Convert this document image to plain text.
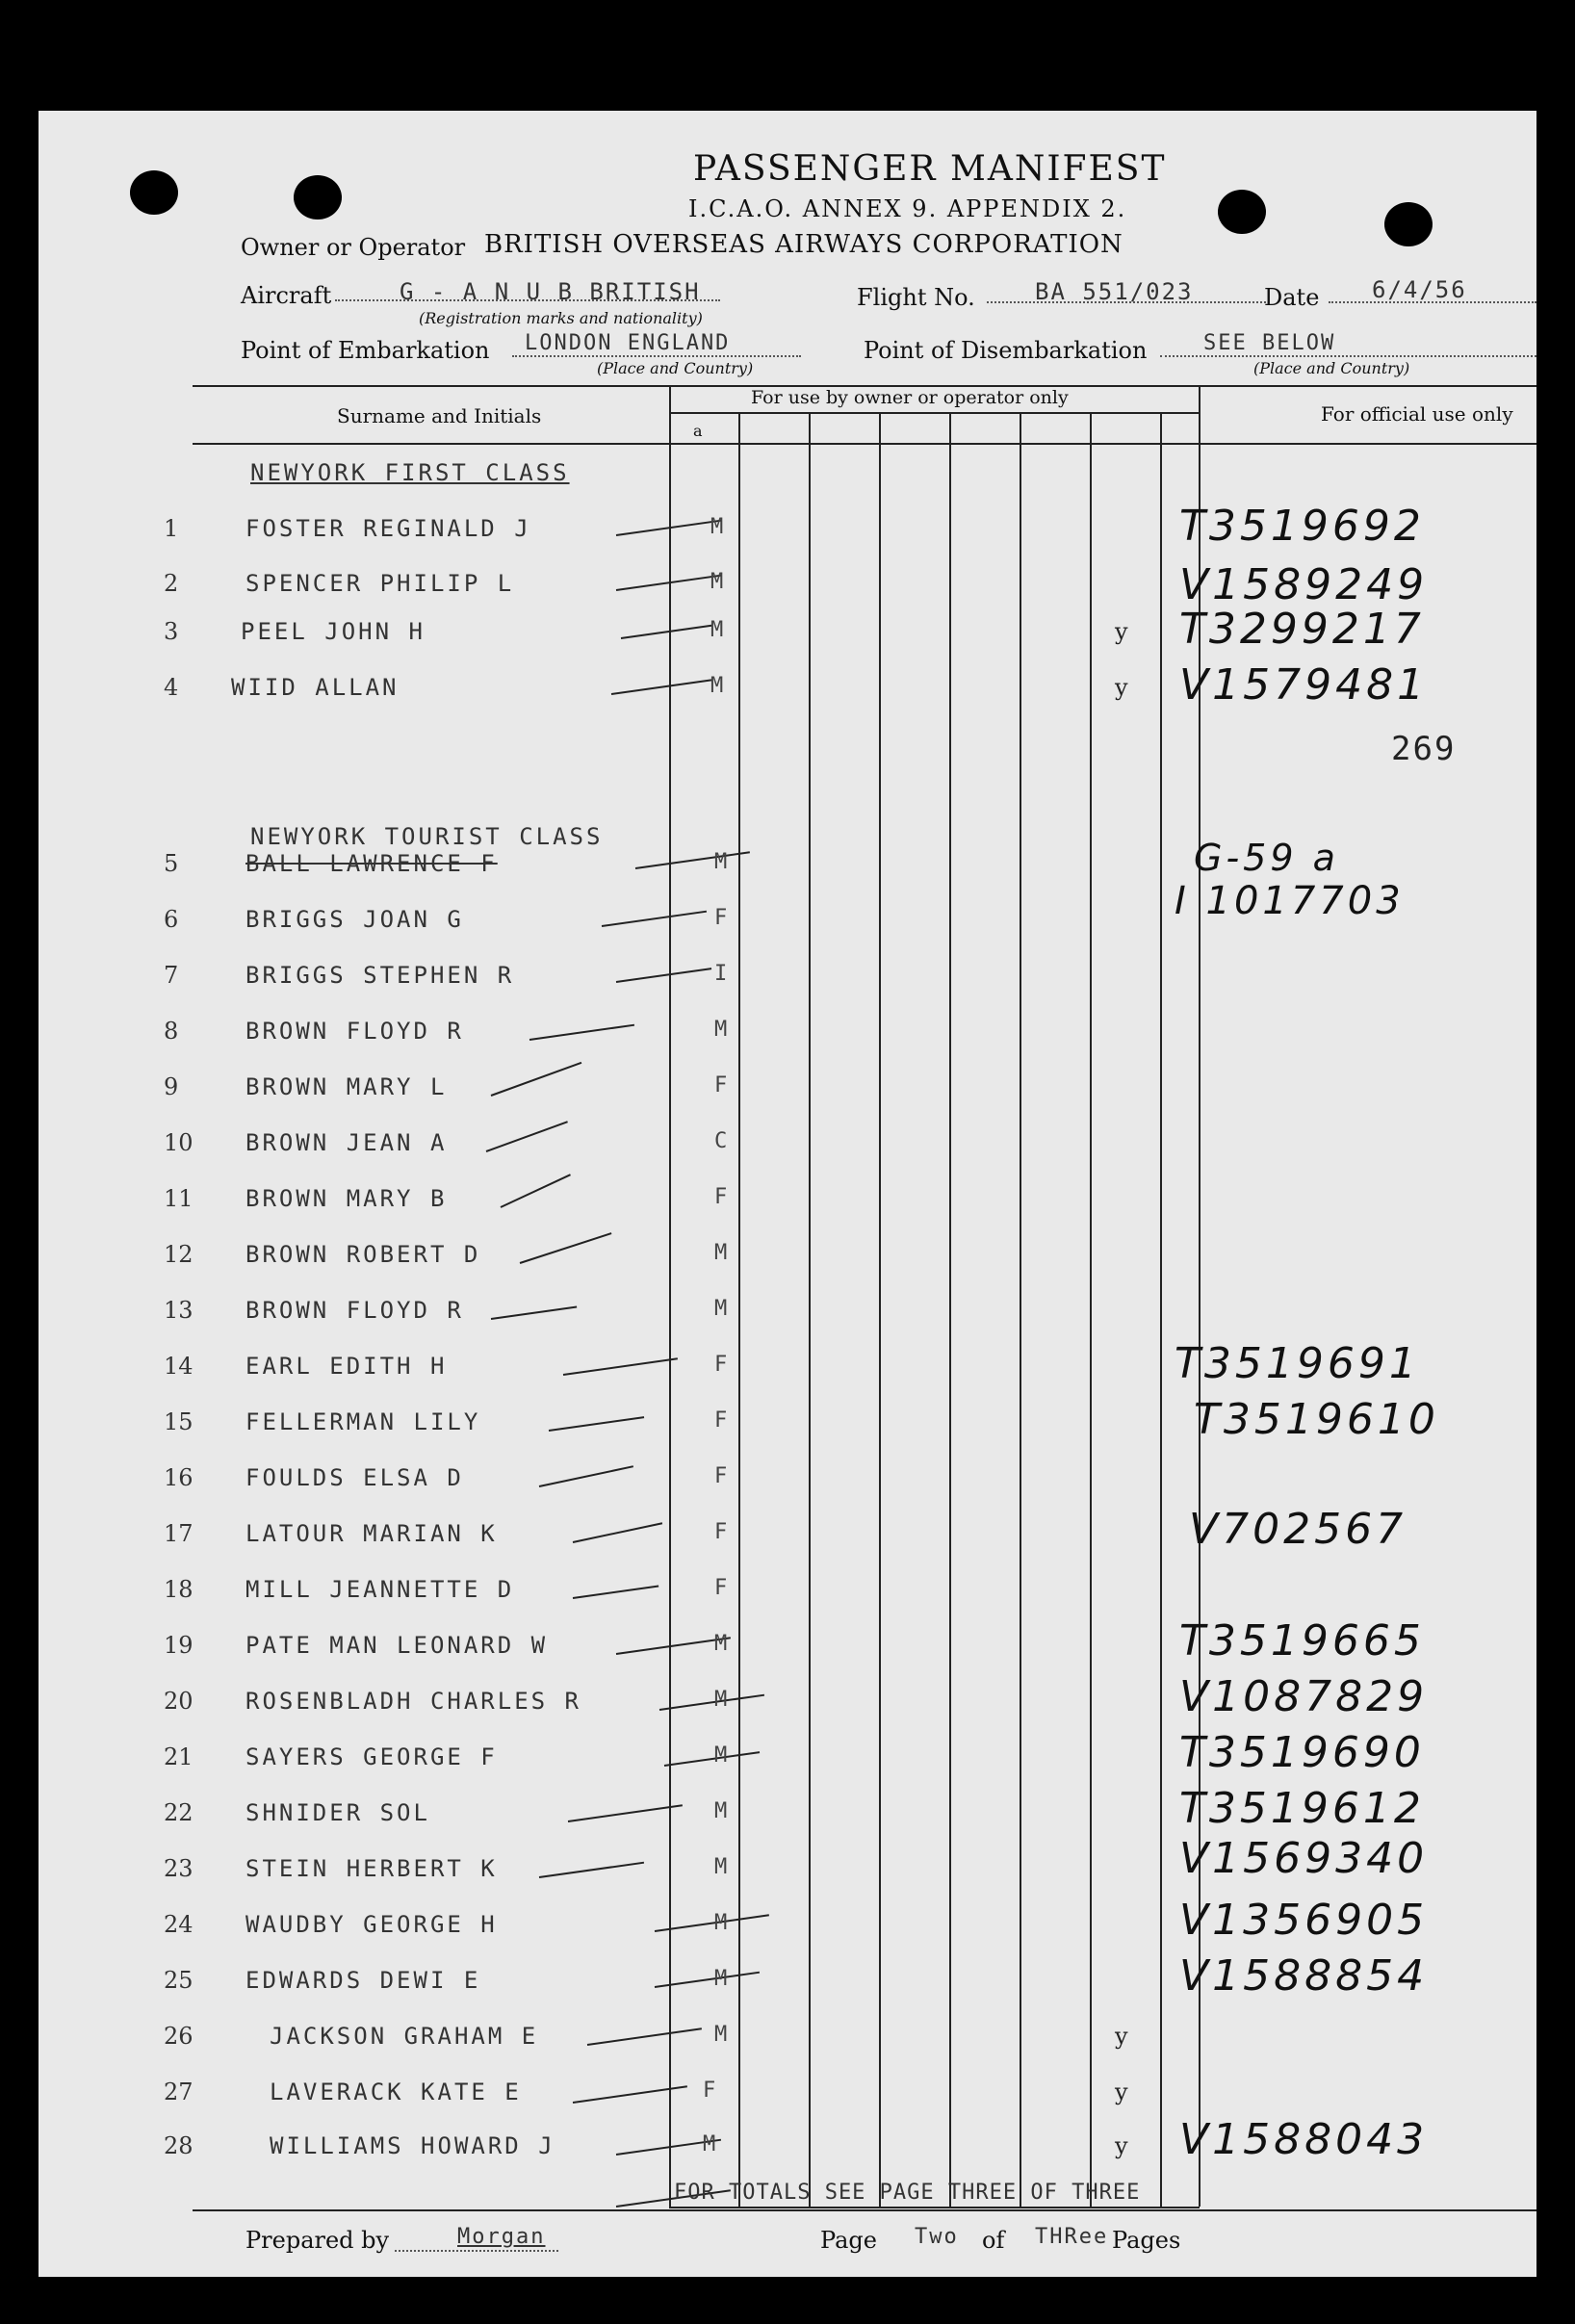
PASSENGER MANIFEST
I.C.A.O. ANNEX 9. APPENDIX 2.
Owner or Operator BRITISH OVERSEAS AIRWAYS CORPORATION
Aircraft	G - A N U B BRITISH
(Registration marks and nationality)
Flight No.	BA 551/023	Date 6/4/56
Point of Embarkation LONDON ENGLAND
(Place and Country)
Point of Disembarkation	SEE BELOW
(Place and Country)
Surname and Initials
For use by owner or operator only
a
For official use only
NEWYORK FIRST CLASS
1	FOSTER REGINALD J	M	T3519692
2	SPENCER PHILIP L	M	V1589249
3	PEEL JOHN H	M	y T3299217
4	WIID ALLAN	M	y V1579481
269
NEWYORK TOURIST CLASS
5	BALL LAWRENCE F	M	G-59 a
6	BRIGGS JOAN G	F	I 1017703
7	BRIGGS STEPHEN R	I
8	BROWN FLOYD R	M
9	BROWN MARY L	F
10	BROWN JEAN A	C
11	BROWN MARY B	F
12	BROWN ROBERT D	M
13	BROWN FLOYD R	M
14	EARL EDITH H	F	T3519691
15	FELLERMAN LILY	F	T3519610
16	FOULDS ELSA D	F
17	LATOUR MARIAN K	F	V702567
18	MILL JEANNETTE D	F
19	PATE MAN LEONARD W	M	T3519665
20	ROSENBLADH CHARLES R	M	V1087829
21	SAYERS GEORGE F	M	T3519690
22	SHNIDER SOL	M	T3519612
23	STEIN HERBERT K	M	V1569340
24	WAUDBY GEORGE H	M	V1356905
25	EDWARDS DEWI E	M	V1588854
26	JACKSON GRAHAM E	M	y
27	LAVERACK KATE E	F	y
28	WILLIAMS HOWARD J	M	y V1588043
FOR TOTALS SEE PAGE THREE OF THREE
Prepared by	Morgan	Page Two of THRee Pages
